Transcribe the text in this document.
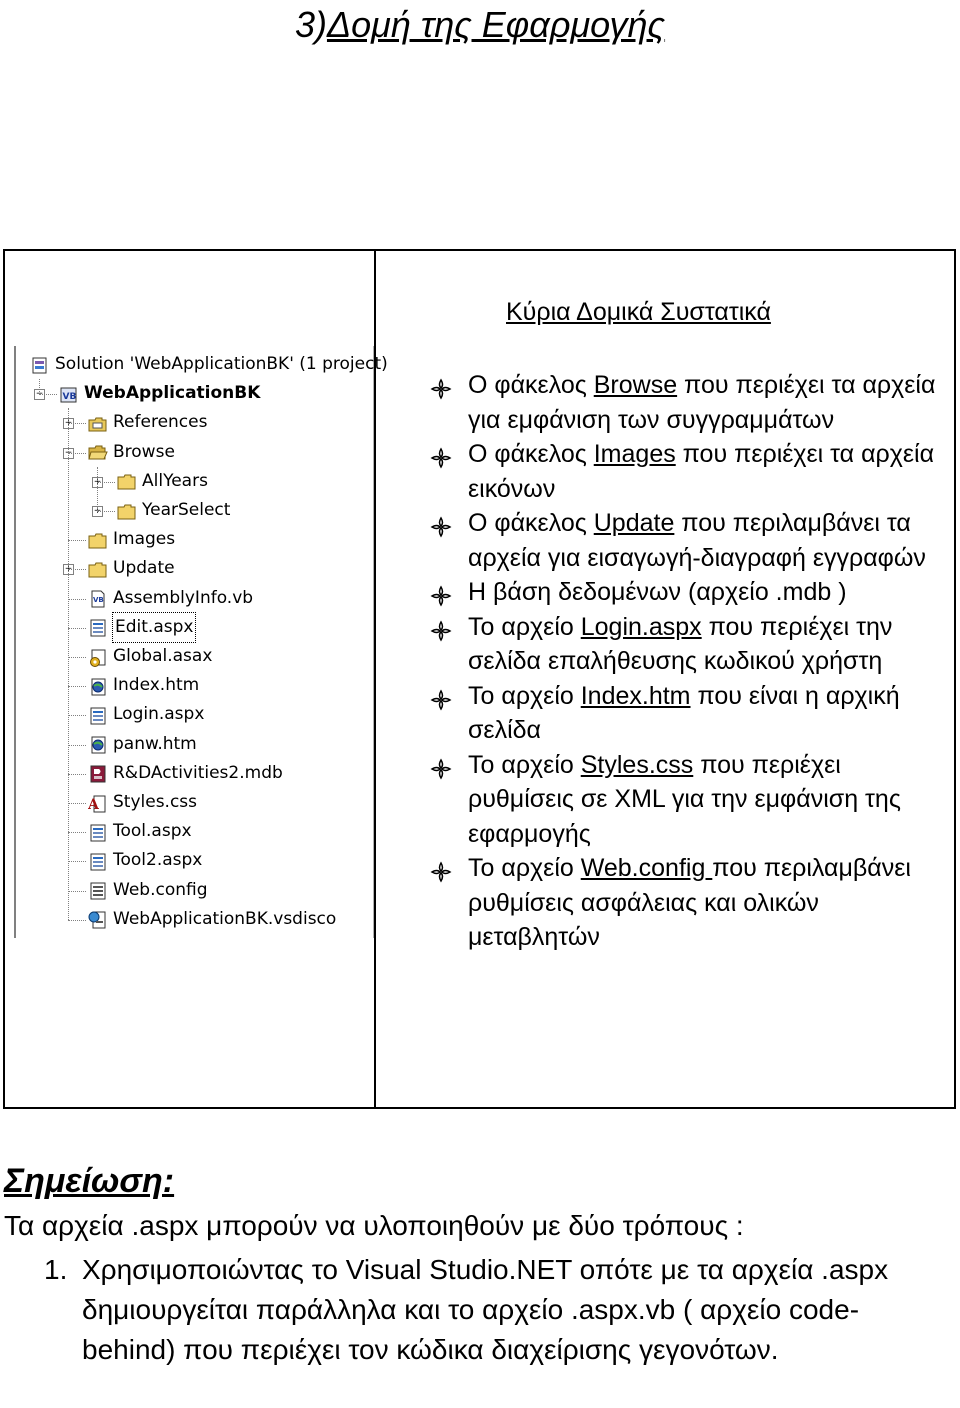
3)Δομή της Εφαρμογής
−
+
−
+
+
+
Solution 'WebApplicationBK' (1 project)
VB WebApplicationBK
References
Browse
AllYears
YearSelect
Images
Update
VB AssemblyInfo.vb
Edit.aspx
Global.asax
Index.htm
Login.aspx
panw.htm
R&DActivities2.mdb
A Styles.css
Tool.aspx
Tool2.aspx
Web.config
WebApplicationBK.vsdisco
Κύρια Δομικά Συστατικά
Ο φάκελος Browse που περιέχει τα αρχεία για εμφάνιση των συγγραμμάτων
Ο φάκελος Images που περιέχει τα αρχεία εικόνων
Ο φάκελος Update που περιλαμβάνει τα αρχεία για εισαγωγή-διαγραφή εγγραφών
Η βάση δεδομένων (αρχείο .mdb )
Το αρχείο Login.aspx που περιέχει την σελίδα επαλήθευσης κωδικού χρήστη
Το αρχείο Index.htm που είναι η αρχική σελίδα
Το αρχείο Styles.css που περιέχει ρυθμίσεις σε XML για την εμφάνιση της εφαρμογής
Το αρχείο Web.config που περιλαμβάνει ρυθμίσεις ασφάλειας και ολικών μεταβλητών
Σημείωση:
Τα αρχεία .aspx μπορούν να υλοποιηθούν με δύο τρόπους :
1. Χρησιμοποιώντας το Visual Studio.NET οπότε με τα αρχεία .aspx δημιουργείται παράλληλα και το αρχείο .aspx.vb ( αρχείο code-behind) που περιέχει τον κώδικα διαχείρισης γεγονότων.
